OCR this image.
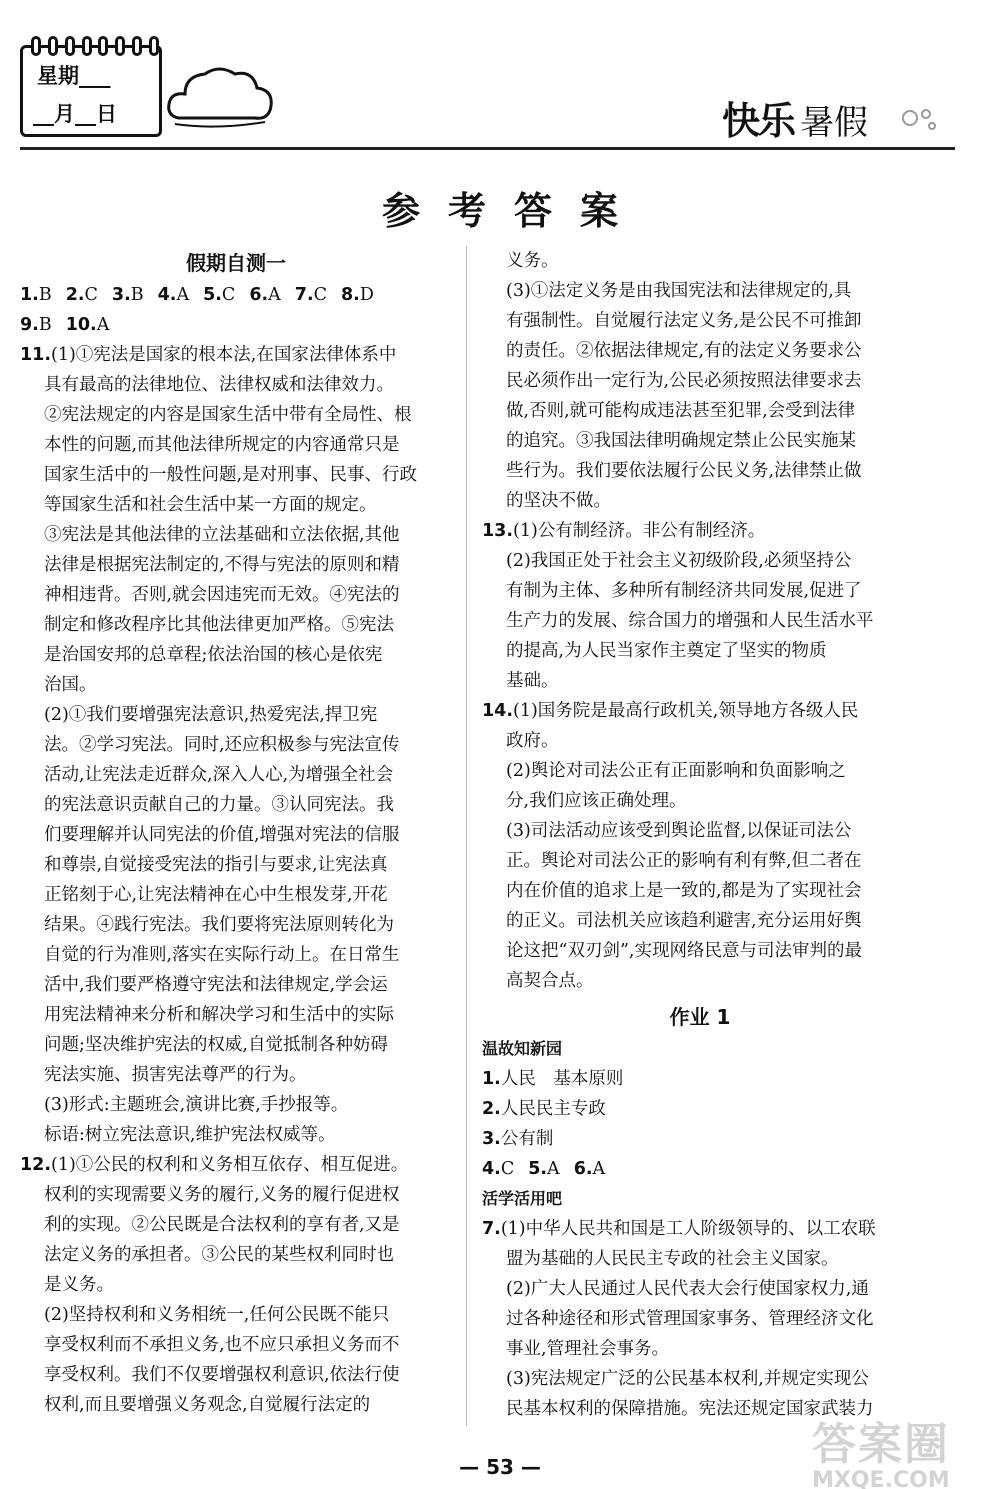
星期___
__月__日	快乐 暑假
参考答案
假期自测一
1.B 2.C 3.B 4.A 5.C 6.A 7.C 8.D
9.B 10.A
11.(1)①宪法是国家的根本法,在国家法律体系中
具有最高的法律地位、法律权威和法律效力。
②宪法规定的内容是国家生活中带有全局性、根
本性的问题,而其他法律所规定的内容通常只是
国家生活中的一般性问题,是对刑事、民事、行政
等国家生活和社会生活中某一方面的规定。
③宪法是其他法律的立法基础和立法依据,其他
法律是根据宪法制定的,不得与宪法的原则和精
神相违背。否则,就会因违宪而无效。④宪法的
制定和修改程序比其他法律更加严格。⑤宪法
是治国安邦的总章程;依法治国的核心是依宪
治国。
(2)①我们要增强宪法意识,热爱宪法,捍卫宪
法。②学习宪法。同时,还应积极参与宪法宣传
活动,让宪法走近群众,深入人心,为增强全社会
的宪法意识贡献自己的力量。③认同宪法。我
们要理解并认同宪法的价值,增强对宪法的信服
和尊崇,自觉接受宪法的指引与要求,让宪法真
正铭刻于心,让宪法精神在心中生根发芽,开花
结果。④践行宪法。我们要将宪法原则转化为
自觉的行为准则,落实在实际行动上。在日常生
活中,我们要严格遵守宪法和法律规定,学会运
用宪法精神来分析和解决学习和生活中的实际
问题;坚决维护宪法的权威,自觉抵制各种妨碍
宪法实施、损害宪法尊严的行为。
(3)形式:主题班会,演讲比赛,手抄报等。
标语:树立宪法意识,维护宪法权威等。
12.(1)①公民的权利和义务相互依存、相互促进。
权利的实现需要义务的履行,义务的履行促进权
利的实现。②公民既是合法权利的享有者,又是
法定义务的承担者。③公民的某些权利同时也
是义务。
(2)坚持权利和义务相统一,任何公民既不能只
享受权利而不承担义务,也不应只承担义务而不
享受权利。我们不仅要增强权利意识,依法行使
权利,而且要增强义务观念,自觉履行法定的
义务。
(3)①法定义务是由我国宪法和法律规定的,具
有强制性。自觉履行法定义务,是公民不可推卸
的责任。②依据法律规定,有的法定义务要求公
民必须作出一定行为,公民必须按照法律要求去
做,否则,就可能构成违法甚至犯罪,会受到法律
的追究。③我国法律明确规定禁止公民实施某
些行为。我们要依法履行公民义务,法律禁止做
的坚决不做。
13.(1)公有制经济。非公有制经济。
(2)我国正处于社会主义初级阶段,必须坚持公
有制为主体、多种所有制经济共同发展,促进了
生产力的发展、综合国力的增强和人民生活水平
的提高,为人民当家作主奠定了坚实的物质
基础。
14.(1)国务院是最高行政机关,领导地方各级人民
政府。
(2)舆论对司法公正有正面影响和负面影响之
分,我们应该正确处理。
(3)司法活动应该受到舆论监督,以保证司法公
正。舆论对司法公正的影响有利有弊,但二者在
内在价值的追求上是一致的,都是为了实现社会
的正义。司法机关应该趋利避害,充分运用好舆
论这把“双刃剑”,实现网络民意与司法审判的最
高契合点。
作业 1
温故知新园
1.人民　基本原则
2.人民民主专政
3.公有制
4.C 5.A 6.A
活学活用吧
7.(1)中华人民共和国是工人阶级领导的、以工农联
盟为基础的人民民主专政的社会主义国家。
(2)广大人民通过人民代表大会行使国家权力,通
过各种途径和形式管理国家事务、管理经济文化
事业,管理社会事务。
(3)宪法规定广泛的公民基本权利,并规定实现公
民基本权利的保障措施。宪法还规定国家武装力
— 53 —	答案圈
MXQE.COM
